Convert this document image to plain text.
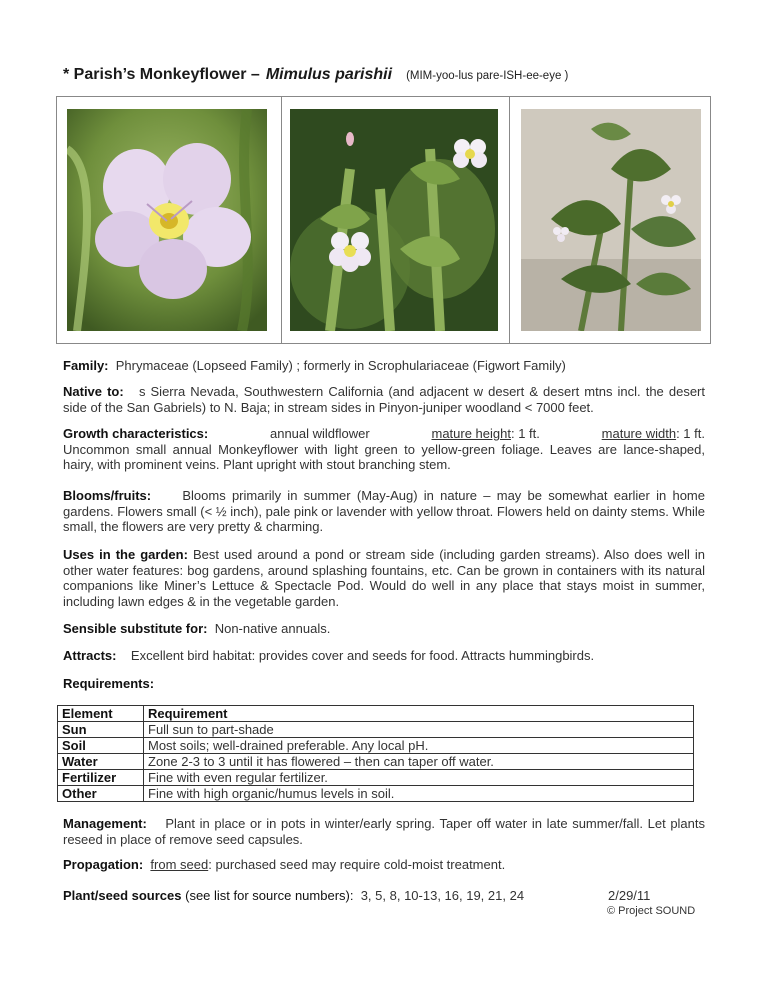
* Parish’s Monkeyflower – Mimulus parishii (MIM-yoo-lus pare-ISH-ee-eye )
Family: Phrymaceae (Lopseed Family) ; formerly in Scrophulariaceae (Figwort Family)
Native to: s Sierra Nevada, Southwestern California (and adjacent w desert & desert mtns incl. the desert side of the San Gabriels) to N. Baja; in stream sides in Pinyon-juniper woodland < 7000 feet.
Growth characteristics:	annual wildflower	mature height: 1 ft.	mature width: 1 ft.
Uncommon small annual Monkeyflower with light green to yellow-green foliage. Leaves are lance-shaped, hairy, with prominent veins. Plant upright with stout branching stem.
Blooms/fruits: Blooms primarily in summer (May-Aug) in nature – may be somewhat earlier in home gardens. Flowers small (< ½ inch), pale pink or lavender with yellow throat. Flowers held on dainty stems. While small, the flowers are very pretty & charming.
Uses in the garden: Best used around a pond or stream side (including garden streams). Also does well in other water features: bog gardens, around splashing fountains, etc. Can be grown in containers with its natural companions like Miner’s Lettuce & Spectacle Pod. Would do well in any place that stays moist in summer, including lawn edges & in the vegetable garden.
Sensible substitute for: Non-native annuals.
Attracts: Excellent bird habitat: provides cover and seeds for food. Attracts hummingbirds.
Requirements:
Element	Requirement
Sun	Full sun to part-shade
Soil	Most soils; well-drained preferable. Any local pH.
Water	Zone 2-3 to 3 until it has flowered – then can taper off water.
Fertilizer	Fine with even regular fertilizer.
Other	Fine with high organic/humus levels in soil.
Management: Plant in place or in pots in winter/early spring. Taper off water in late summer/fall. Let plants reseed in place of remove seed capsules.
Propagation: from seed: purchased seed may require cold-moist treatment.
Plant/seed sources (see list for source numbers): 3, 5, 8, 10-13, 16, 19, 21, 24	2/29/11
© Project SOUND
